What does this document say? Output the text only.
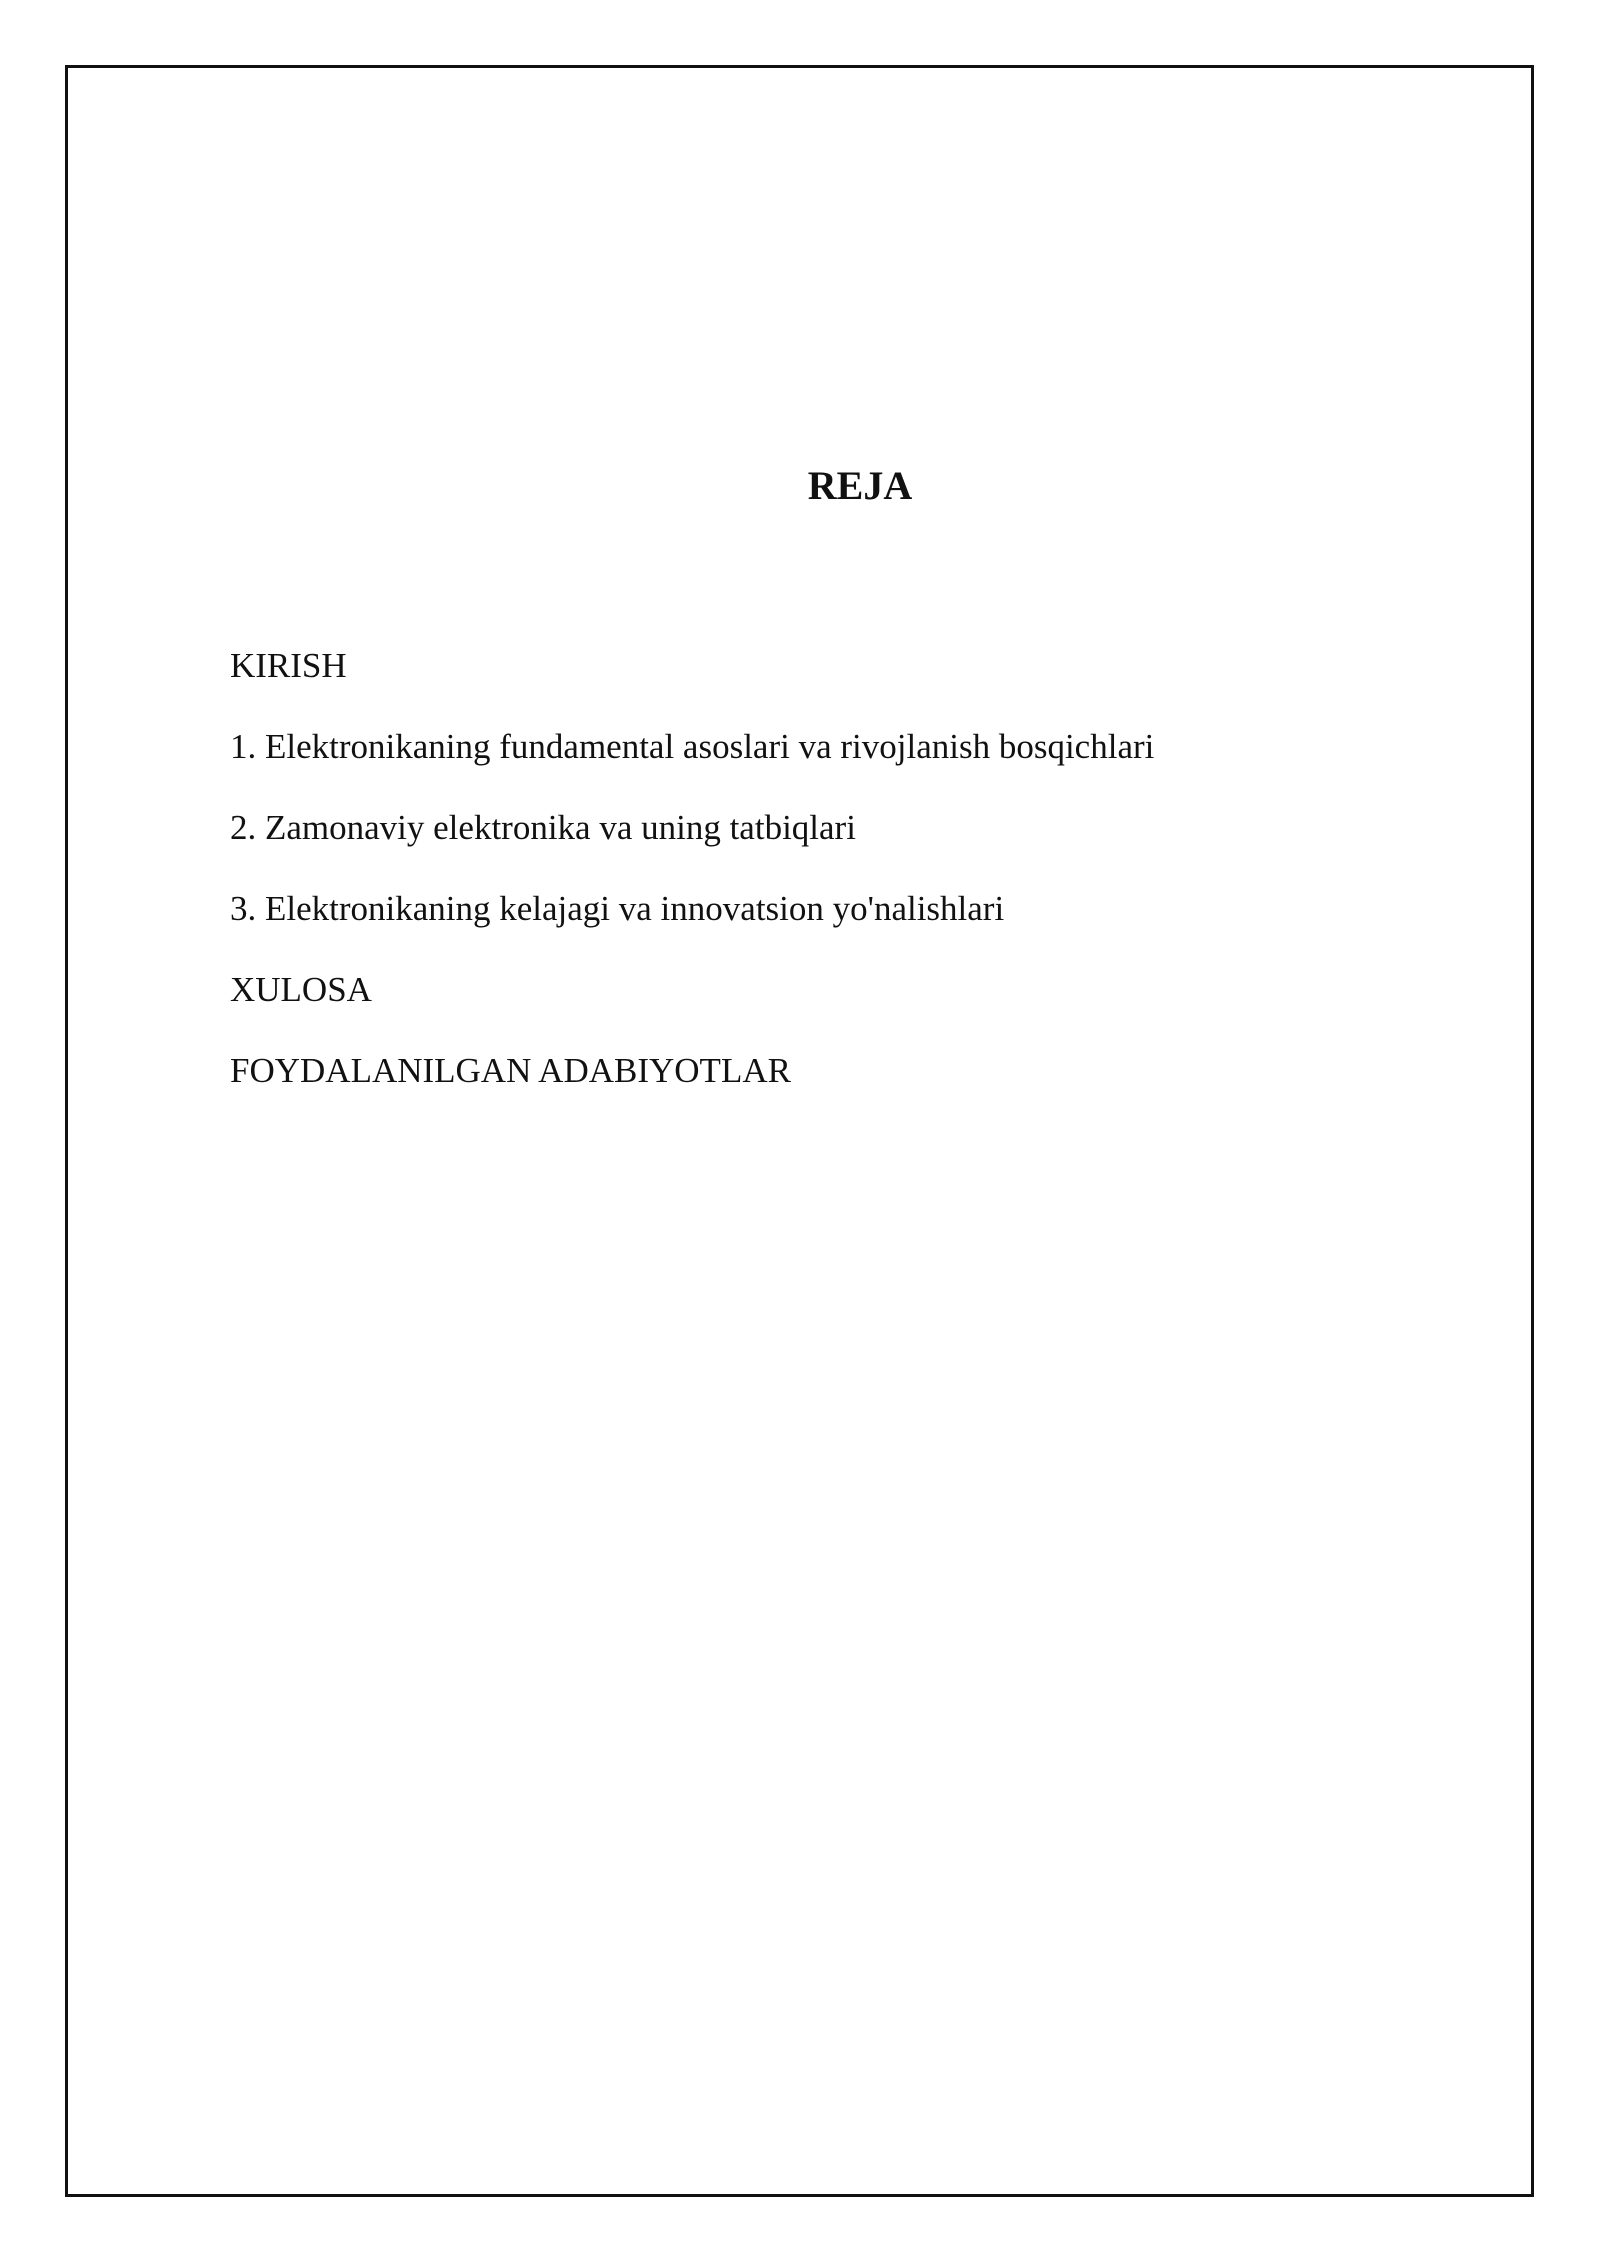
REJA
KIRISH
1. Elektronikaning fundamental asoslari va rivojlanish bosqichlari
2. Zamonaviy elektronika va uning tatbiqlari
3. Elektronikaning kelajagi va innovatsion yo'nalishlari
XULOSA
FOYDALANILGAN ADABIYOTLAR
